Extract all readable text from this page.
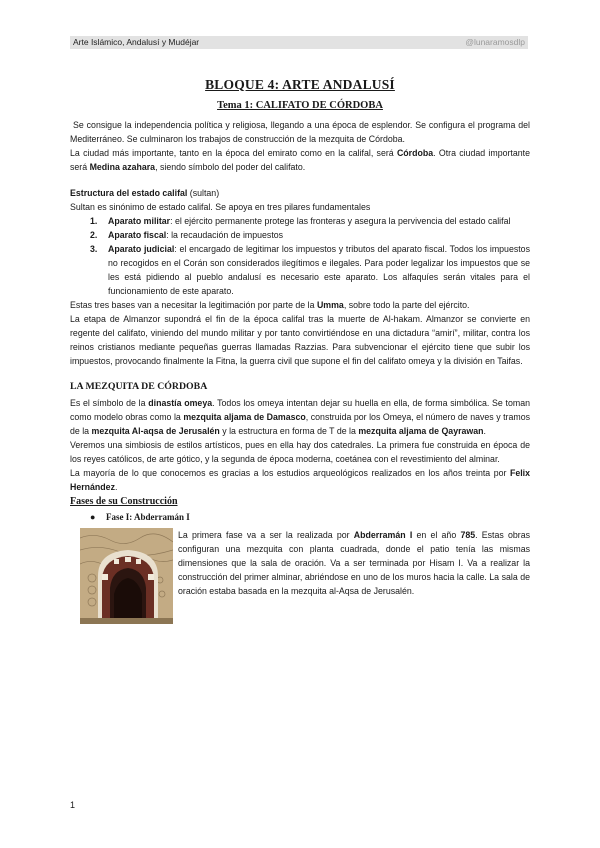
Arte Islámico, Andalusí y Mudéjar	@lunaramosdlp
BLOQUE 4: ARTE ANDALUSÍ
Tema 1: CALIFATO DE CÓRDOBA

Se consigue la independencia política y religiosa, llegando a una época de esplendor. Se configura el programa del Mediterráneo. Se culminaron los trabajos de construcción de la mezquita de Córdoba.

La ciudad más importante, tanto en la época del emirato como en la califal, será Córdoba. Otra ciudad importante será Medina azahara, siendo símbolo del poder del califato.

Estructura del estado califal (sultan)

Sultan es sinónimo de estado califal. Se apoya en tres pilares fundamentales

1. Aparato militar: el ejército permanente protege las fronteras y asegura la pervivencia del estado califal
2. Aparato fiscal: la recaudación de impuestos
3. Aparato judicial: el encargado de legitimar los impuestos y tributos del aparato fiscal. Todos los impuestos no recogidos en el Corán son considerados ilegítimos e ilegales. Para poder legalizar los impuestos que se les está pidiendo al pueblo andalusí es necesario este aparato. Los alfaquíes serán vitales para el funcionamiento de este aparato.

Estas tres bases van a necesitar la legitimación por parte de la Umma, sobre todo la parte del ejército.

La etapa de Almanzor supondrá el fin de la época califal tras la muerte de Al-hakam. Almanzor se convierte en regente del califato, viniendo del mundo militar y por tanto convirtiéndose en una dictadura “amirí”, militar, contra los reinos cristianos mediante pequeñas guerras llamadas Razzias. Para subvencionar el ejército tiene que subir los impuestos, provocando finalmente la Fitna, la guerra civil que supone el fin del califato omeya y la división en Taifas.

LA MEZQUITA DE CÓRDOBA

Es el símbolo de la dinastía omeya. Todos los omeya intentan dejar su huella en ella, de forma simbólica. Se toman como modelo obras como la mezquita aljama de Damasco, construida por los Omeya, el número de naves y tramos de la mezquita Al-aqsa de Jerusalén y la estructura en forma de T de la mezquita aljama de Qayrawan.

Veremos una simbiosis de estilos artísticos, pues en ella hay dos catedrales. La primera fue construida en época de los reyes católicos, de arte gótico, y la segunda de época moderna, coetánea con el revestimiento del alminar.

La mayoría de lo que conocemos es gracias a los estudios arqueológicos realizados en los años treinta por Felix Hernández.

Fases de su Construcción
● Fase I: Abderramán I

La primera fase va a ser la realizada por Abderramán I en el año 785. Estas obras configuran una mezquita con planta cuadrada, donde el patio tenía las mismas dimensiones que la sala de oración. Va a ser terminada por Hisam I. Va a realizar la construcción del primer alminar, abriéndose en uno de los muros hacia la calle. La sala de oración estaba basada en la mezquita al-Aqsa de Jerusalén.

1
